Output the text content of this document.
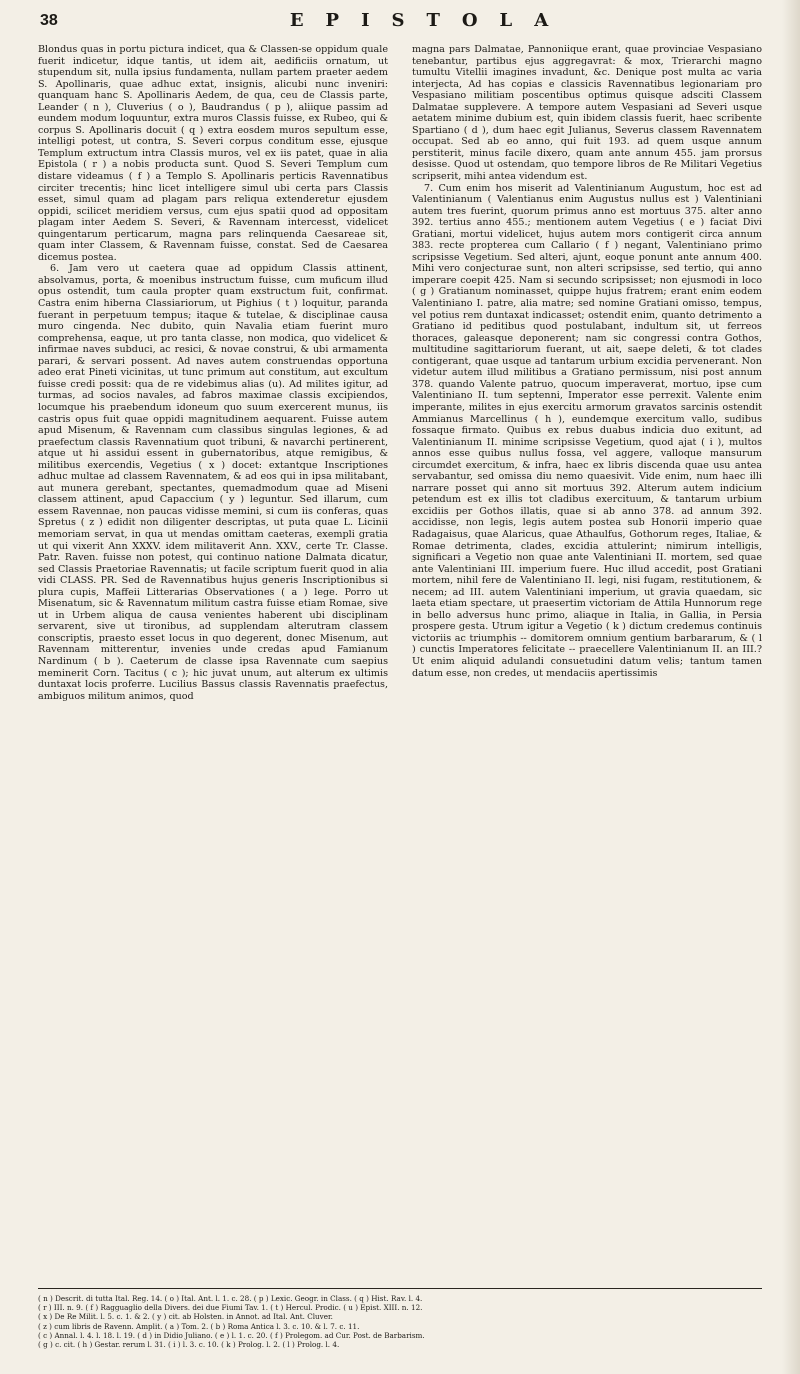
38	EPISTOLA

Blondus quas in portu pictura indicet, qua & Classen-se oppidum quale fuerit indicetur, idque tantis, ut idem ait, aedificiis ornatum, ut stupendum sit, nulla ipsius fundamenta, nullam partem praeter aedem S. Apollinaris, quae adhuc extat, insignis, alicubi nunc inveniri: quanquam hanc S. Apollinaris Aedem, de qua, ceu de Classis parte, Leander ( n ), Cluverius ( o ), Baudrandus ( p ), aliique passim ad eundem modum loquuntur, extra muros Classis fuisse, ex Rubeo, qui & corpus S. Apollinaris docuit ( q ) extra eosdem muros sepultum esse, intelligi potest, ut contra, S. Severi corpus conditum esse, ejusque Templum extructum intra Classis muros, vel ex iis patet, quae in alia Epistola ( r ) a nobis producta sunt. Quod S. Severi Templum cum distare videamus ( f ) a Templo S. Apollinaris perticis Ravennatibus circiter trecentis; hinc licet intelligere simul ubi certa pars Classis esset, simul quam ad plagam pars reliqua extenderetur ejusdem oppidi, scilicet meridiem versus, cum ejus spatii quod ad oppositam plagam inter Aedem S. Severi, & Ravennam intercesst, videlicet quingentarum perticarum, magna pars relinquenda Caesareae sit, quam inter Classem, & Ravennam fuisse, constat. Sed de Caesarea dicemus postea.

6. Jam vero ut caetera quae ad oppidum Classis attinent, absolvamus, porta, & moenibus instructum fuisse, cum muficum illud opus ostendit, tum caula propter quam exstructum fuit, confirmat. Castra enim hiberna Classiariorum, ut Pighius ( t ) loquitur, paranda fuerant in perpetuum tempus; itaque & tutelae, & disciplinae causa muro cingenda. Nec dubito, quin Navalia etiam fuerint muro comprehensa, eaque, ut pro tanta classe, non modica, quo videlicet & infirmae naves subduci, ac resici, & novae construi, & ubi armamenta parari, & servari possent. Ad naves autem construendas opportuna adeo erat Pineti vicinitas, ut tunc primum aut constitum, aut excultum fuisse credi possit: qua de re videbimus alias (u). Ad milites igitur, ad turmas, ad socios navales, ad fabros maximae classis excipiendos, locumque his praebendum idoneum quo suum exercerent munus, iis castris opus fuit quae oppidi magnitudinem aequarent. Fuisse autem apud Misenum, & Ravennam cum classibus singulas legiones, & ad praefectum classis Ravennatium quot tribuni, & navarchi pertinerent, atque ut hi assidui essent in gubernatoribus, atque remigibus, & militibus exercendis, Vegetius ( x ) docet: extantque Inscriptiones adhuc multae ad classem Ravennatem, & ad eos qui in ipsa militabant, aut munera gerebant, spectantes, quemadmodum quae ad Miseni classem attinent, apud Capaccium ( y ) leguntur. Sed illarum, cum essem Ravennae, non paucas vidisse memini, si cum iis conferas, quas Spretus ( z ) edidit non diligenter descriptas, ut puta quae L. Licinii memoriam servat, in qua ut mendas omittam caeteras, exempli gratia ut qui vixerit Ann XXXV. idem militaverit Ann. XXV., certe Tr. Classe. Patr. Raven. fuisse non potest, qui continuo natione Dalmata dicatur, sed Classis Praetoriae Ravennatis; ut facile scriptum fuerit quod in alia vidi CLASS. PR. Sed de Ravennatibus hujus generis Inscriptionibus si plura cupis, Maffeii Litterarias Observationes ( a ) lege. Porro ut Misenatum, sic & Ravennatum militum castra fuisse etiam Romae, sive ut in Urbem aliqua de causa venientes haberent ubi disciplinam servarent, sive ut tironibus, ad supplendam alterutram classem conscriptis, praesto esset locus in quo degerent, donec Misenum, aut Ravennam mitterentur, invenies unde credas apud Famianum Nardinum ( b ). Caeterum de classe ipsa Ravennate cum saepius meminerit Corn. Tacitus ( c ); hic juvat unum, aut alterum ex ultimis duntaxat locis proferre. Lucilius Bassus classis Ravennatis praefectus, ambiguos militum animos, quod

magna pars Dalmatae, Pannoniique erant, quae provinciae Vespasiano tenebantur, partibus ejus aggregavrat: & mox, Trierarchi magno tumultu Vitellii imagines invadunt, &c. Denique post multa ac varia interjecta, Ad has copias e classicis Ravennatibus legionariam pro Vespasiano militiam poscentibus optimus quisque adsciti Classem Dalmatae supplevere. A tempore autem Vespasiani ad Severi usque aetatem minime dubium est, quin ibidem classis fuerit, haec scribente Spartiano ( d ), dum haec egit Julianus, Severus classem Ravennatem occupat. Sed ab eo anno, qui fuit 193. ad quem usque annum perstiterit, minus facile dixero, quam ante annum 455. jam prorsus desisse. Quod ut ostendam, quo tempore libros de Re Militari Vegetius scripserit, mihi antea videndum est.

7. Cum enim hos miserit ad Valentinianum Augustum, hoc est ad Valentinianum ( Valentianus enim Augustus nullus est ) Valentiniani autem tres fuerint, quorum primus anno est mortuus 375. alter anno 392. tertius anno 455.; mentionem autem Vegetius ( e ) faciat Divi Gratiani, mortui videlicet, hujus autem mors contigerit circa annum 383. recte propterea cum Callario ( f ) negant, Valentiniano primo scripsisse Vegetium. Sed alteri, ajunt, eoque ponunt ante annum 400. Mihi vero conjecturae sunt, non alteri scripsisse, sed tertio, qui anno imperare coepit 425. Nam si secundo scripsisset; non ejusmodi in loco ( g ) Gratianum nominasset, quippe hujus fratrem; erant enim eodem Valentiniano I. patre, alia matre; sed nomine Gratiani omisso, tempus, vel potius rem duntaxat indicasset; ostendit enim, quanto detrimento a Gratiano id peditibus quod postulabant, indultum sit, ut ferreos thoraces, galeasque deponerent; nam sic congressi contra Gothos, multitudine sagittariorum fuerant, ut ait, saepe deleti, & tot clades contigerant, quae usque ad tantarum urbium excidia pervenerant. Non videtur autem illud militibus a Gratiano permissum, nisi post annum 378. quando Valente patruo, quocum imperaverat, mortuo, ipse cum Valentiniano II. tum septenni, Imperator esse perrexit. Valente enim imperante, milites in ejus exercitu armorum gravatos sarcinis ostendit Ammianus Marcellinus ( h ), eundemque exercitum vallo, sudibus fossaque firmato. Quibus ex rebus duabus indicia duo exitunt, ad Valentinianum II. minime scripsisse Vegetium, quod ajat ( i ), multos annos esse quibus nullus fossa, vel aggere, valloque mansurum circumdet exercitum, & infra, haec ex libris discenda quae usu antea servabantur, sed omissa diu nemo quaesivit. Vide enim, num haec illi narrare posset qui anno sit mortuus 392. Alterum autem indicium petendum est ex illis tot cladibus exercituum, & tantarum urbium excidiis per Gothos illatis, quae si ab anno 378. ad annum 392. accidisse, non legis, legis autem postea sub Honorii imperio quae Radagaisus, quae Alaricus, quae Athaulfus, Gothorum reges, Italiae, & Romae detrimenta, clades, excidia attulerint; nimirum intelligis, significari a Vegetio non quae ante Valentiniani II. mortem, sed quae ante Valentiniani III. imperium fuere. Huc illud accedit, post Gratiani mortem, nihil fere de Valentiniano II. legi, nisi fugam, restitutionem, & necem; ad III. autem Valentiniani imperium, ut gravia quaedam, sic laeta etiam spectare, ut praesertim victoriam de Attila Hunnorum rege in bello adversus hunc primo, aliaque in Italia, in Gallia, in Persia prospere gesta. Utrum igitur a Vegetio ( k ) dictum credemus continuis victoriis ac triumphis -- domitorem omnium gentium barbararum, & ( l ) cunctis Imperatores felicitate -- praecellere Valentinianum II. an III.? Ut enim aliquid adulandi consuetudini datum velis; tantum tamen datum esse, non credes, ut mendaciis apertissimis

( n ) Descrit. di tutta Ital. Reg. 14. ( o ) Ital. Ant. l. 1. c. 28. ( p ) Lexic. Geogr. in Class. ( q ) Hist. Rav. l. 4.
( r ) III. n. 9. ( f ) Ragguaglio della Divers. dei due Fiumi Tav. 1. ( t ) Hercul. Prodic. ( u ) Epist. XIII. n. 12.
( x ) De Re Milit. l. 5. c. 1. & 2. ( y ) cit. ab Holsten. in Annot. ad Ital. Ant. Cluver.
( z ) cum libris de Ravenn. Amplit. ( a ) Tom. 2. ( b ) Roma Antica l. 3. c. 10. & l. 7. c. 11.
( c ) Annal. l. 4. l. 18. l. 19. ( d ) in Didio Juliano. ( e ) l. 1. c. 20. ( f ) Prolegom. ad Cur. Post. de Barbarism.
( g ) c. cit. ( h ) Gestar. rerum l. 31. ( i ) l. 3. c. 10. ( k ) Prolog. l. 2. ( l ) Prolog. l. 4.
